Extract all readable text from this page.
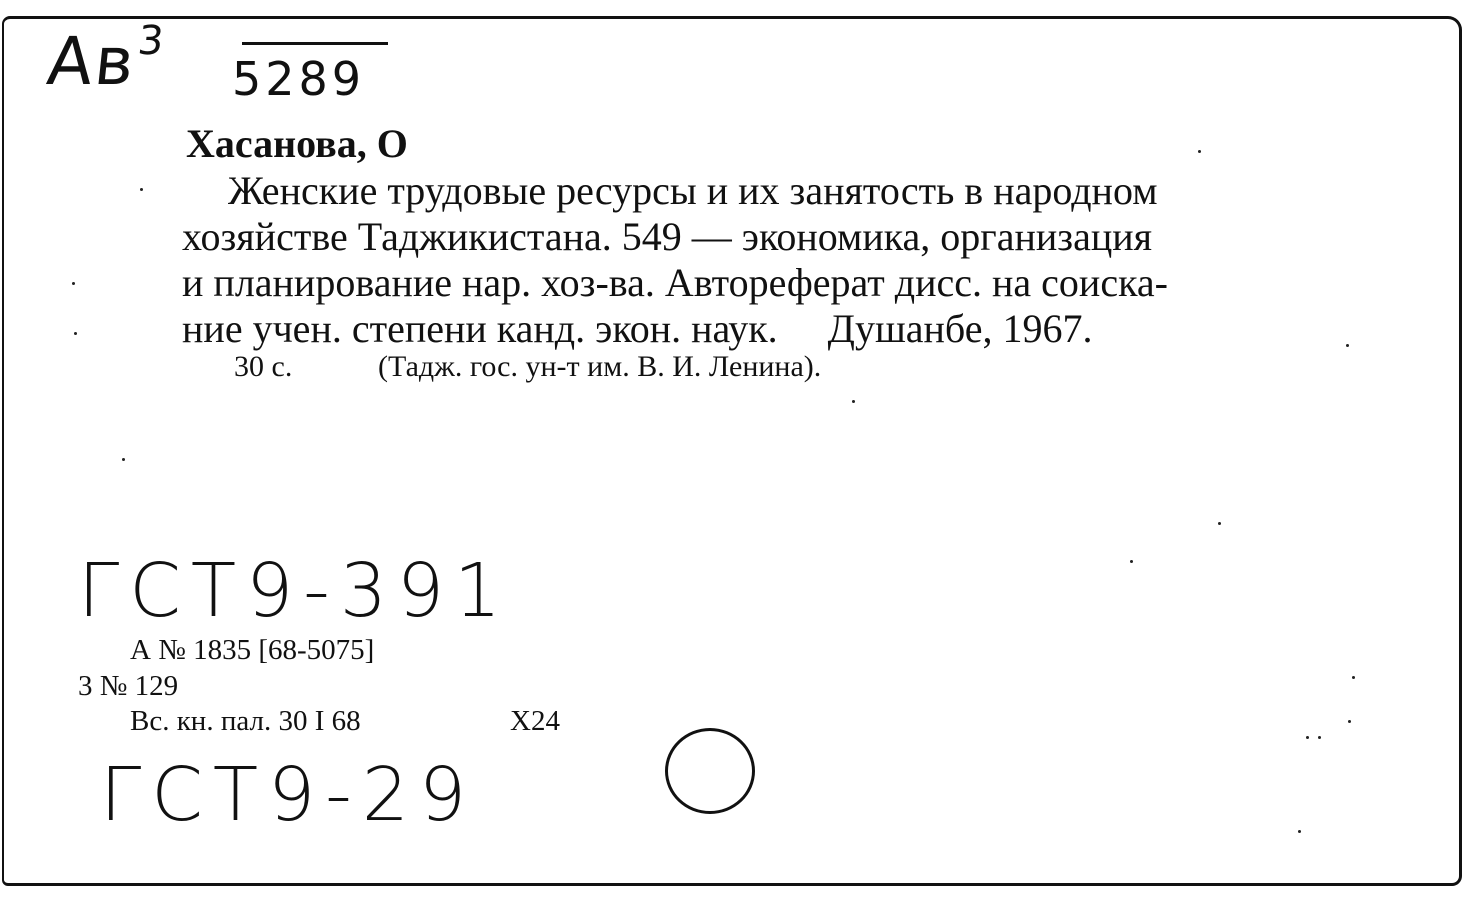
$Ав^3$
5289
Хасанова, О
Женские трудовые ресурсы и их занятость в народном
хозяйстве Таджикистана. 549 — экономика, организация
и планирование нар. хоз-ва. Автореферат дисс. на соиска-
ние учен. степени канд. экон. наук.     Душанбе, 1967.
30 с.	(Тадж. гос. ун-т им. В. И. Ленина).
ГСТ9-391
А № 1835 [68-5075]
3 № 129
Вс. кн. пал. 30 I 68	X24
ГСТ9-29
